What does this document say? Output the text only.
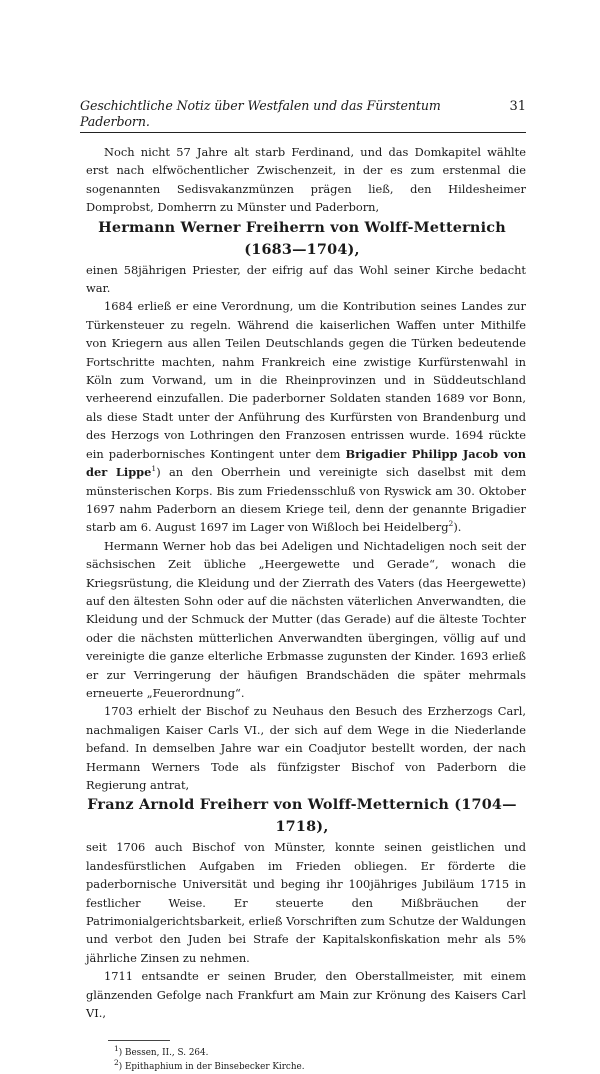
Geschichtliche Notiz über Westfalen und das Fürstentum Paderborn.
31

Noch nicht 57 Jahre alt starb Ferdinand, und das Domkapitel wählte erst nach elfwöchentlicher Zwischenzeit, in der es zum erstenmal die sogenannten Sedisvakanzmünzen prägen ließ, den Hildesheimer Domprobst, Domherrn zu Münster und Paderborn,

Hermann Werner Freiherrn von Wolff-Metternich (1683—1704),

einen 58jährigen Priester, der eifrig auf das Wohl seiner Kirche bedacht war.

1684 erließ er eine Verordnung, um die Kontribution seines Landes zur Türkensteuer zu regeln. Während die kaiserlichen Waffen unter Mithilfe von Kriegern aus allen Teilen Deutschlands gegen die Türken bedeutende Fortschritte machten, nahm Frankreich eine zwistige Kurfürstenwahl in Köln zum Vorwand, um in die Rheinprovinzen und in Süddeutschland verheerend einzufallen. Die paderborner Soldaten standen 1689 vor Bonn, als diese Stadt unter der Anführung des Kurfürsten von Brandenburg und des Herzogs von Lothringen den Franzosen entrissen wurde. 1694 rückte ein paderbornisches Kontingent unter dem Brigadier Philipp Jacob von der Lippe$^1$) an den Oberrhein und vereinigte sich daselbst mit dem münsterischen Korps. Bis zum Friedensschluß von Ryswick am 30. Oktober 1697 nahm Paderborn an diesem Kriege teil, denn der genannte Brigadier starb am 6. August 1697 im Lager von Wißloch bei Heidelberg$^2$).

Hermann Werner hob das bei Adeligen und Nichtadeligen noch seit der sächsischen Zeit übliche „Heergewette und Gerade“, wonach die Kriegsrüstung, die Kleidung und der Zierrath des Vaters (das Heergewette) auf den ältesten Sohn oder auf die nächsten väterlichen Anverwandten, die Kleidung und der Schmuck der Mutter (das Gerade) auf die älteste Tochter oder die nächsten mütterlichen Anverwandten übergingen, völlig auf und vereinigte die ganze elterliche Erbmasse zugunsten der Kinder. 1693 erließ er zur Verringerung der häufigen Brandschäden die später mehrmals erneuerte „Feuerordnung“.

1703 erhielt der Bischof zu Neuhaus den Besuch des Erzherzogs Carl, nachmaligen Kaiser Carls VI., der sich auf dem Wege in die Niederlande befand. In demselben Jahre war ein Coadjutor bestellt worden, der nach Hermann Werners Tode als fünfzigster Bischof von Paderborn die Regierung antrat,

Franz Arnold Freiherr von Wolff-Metternich (1704—1718),

seit 1706 auch Bischof von Münster, konnte seinen geistlichen und landesfürstlichen Aufgaben im Frieden obliegen. Er förderte die paderbornische Universität und beging ihr 100jähriges Jubiläum 1715 in festlicher Weise. Er steuerte den Mißbräuchen der Patrimonialgerichtsbarkeit, erließ Vorschriften zum Schutze der Waldungen und verbot den Juden bei Strafe der Kapitalskonfiskation mehr als 5% jährliche Zinsen zu nehmen.

1711 entsandte er seinen Bruder, den Oberstallmeister, mit einem glänzenden Gefolge nach Frankfurt am Main zur Krönung des Kaisers Carl VI.,

$^1$) Bessen, II., S. 264.
$^2$) Epithaphium in der Binsebecker Kirche.
